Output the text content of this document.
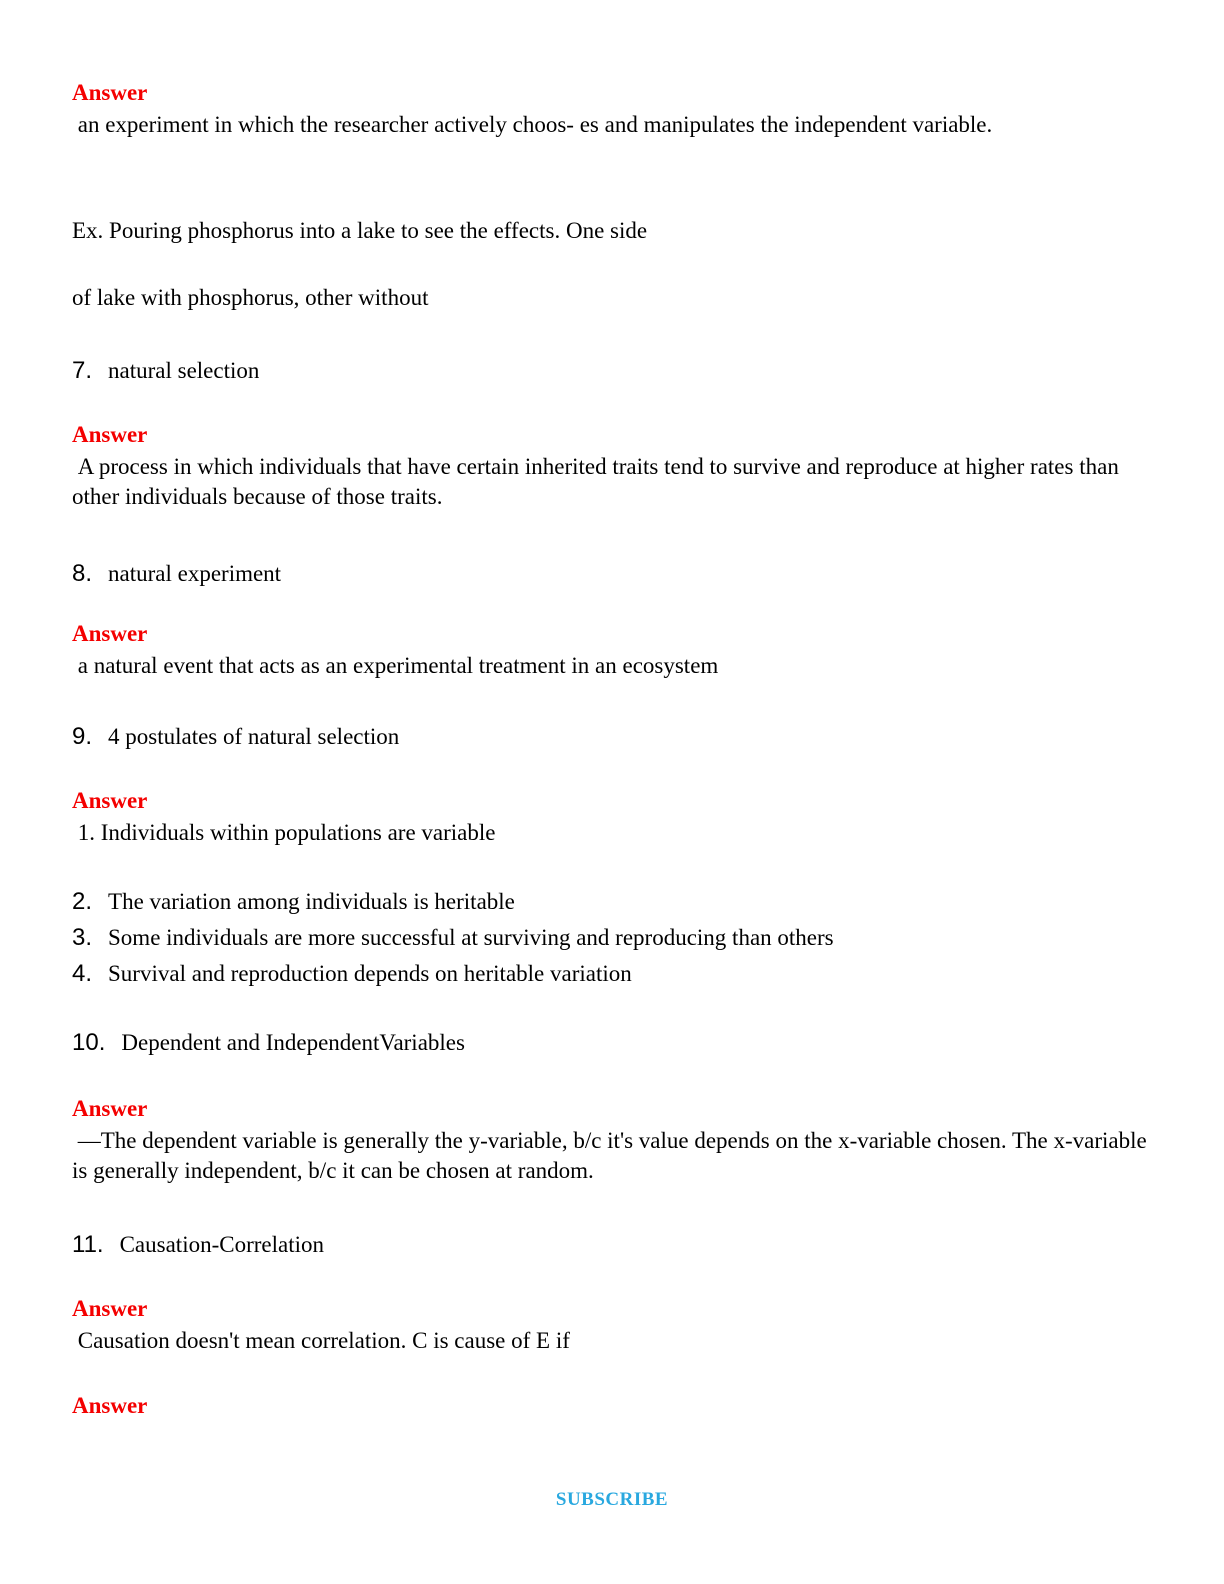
Answer
an experiment in which the researcher actively choos- es and manipulates the independent variable.
Ex. Pouring phosphorus into a lake to see the effects. One side
of lake with phosphorus, other without
7. natural selection
Answer
A process in which individuals that have certain inherited traits tend to survive and reproduce at higher rates than other individuals because of those traits.
8. natural experiment
Answer
a natural event that acts as an experimental treatment in an ecosystem
9. 4 postulates of natural selection
Answer
1. Individuals within populations are variable
2. The variation among individuals is heritable
3. Some individuals are more successful at surviving and reproducing than others
4. Survival and reproduction depends on heritable variation
10. Dependent and IndependentVariables
Answer
—The dependent variable is generally the y-variable, b/c it's value depends on the x-variable chosen. The x-variable is generally independent, b/c it can be chosen at random.
11. Causation-Correlation
Answer
Causation doesn't mean correlation. C is cause of E if
Answer
SUBSCRIBE
